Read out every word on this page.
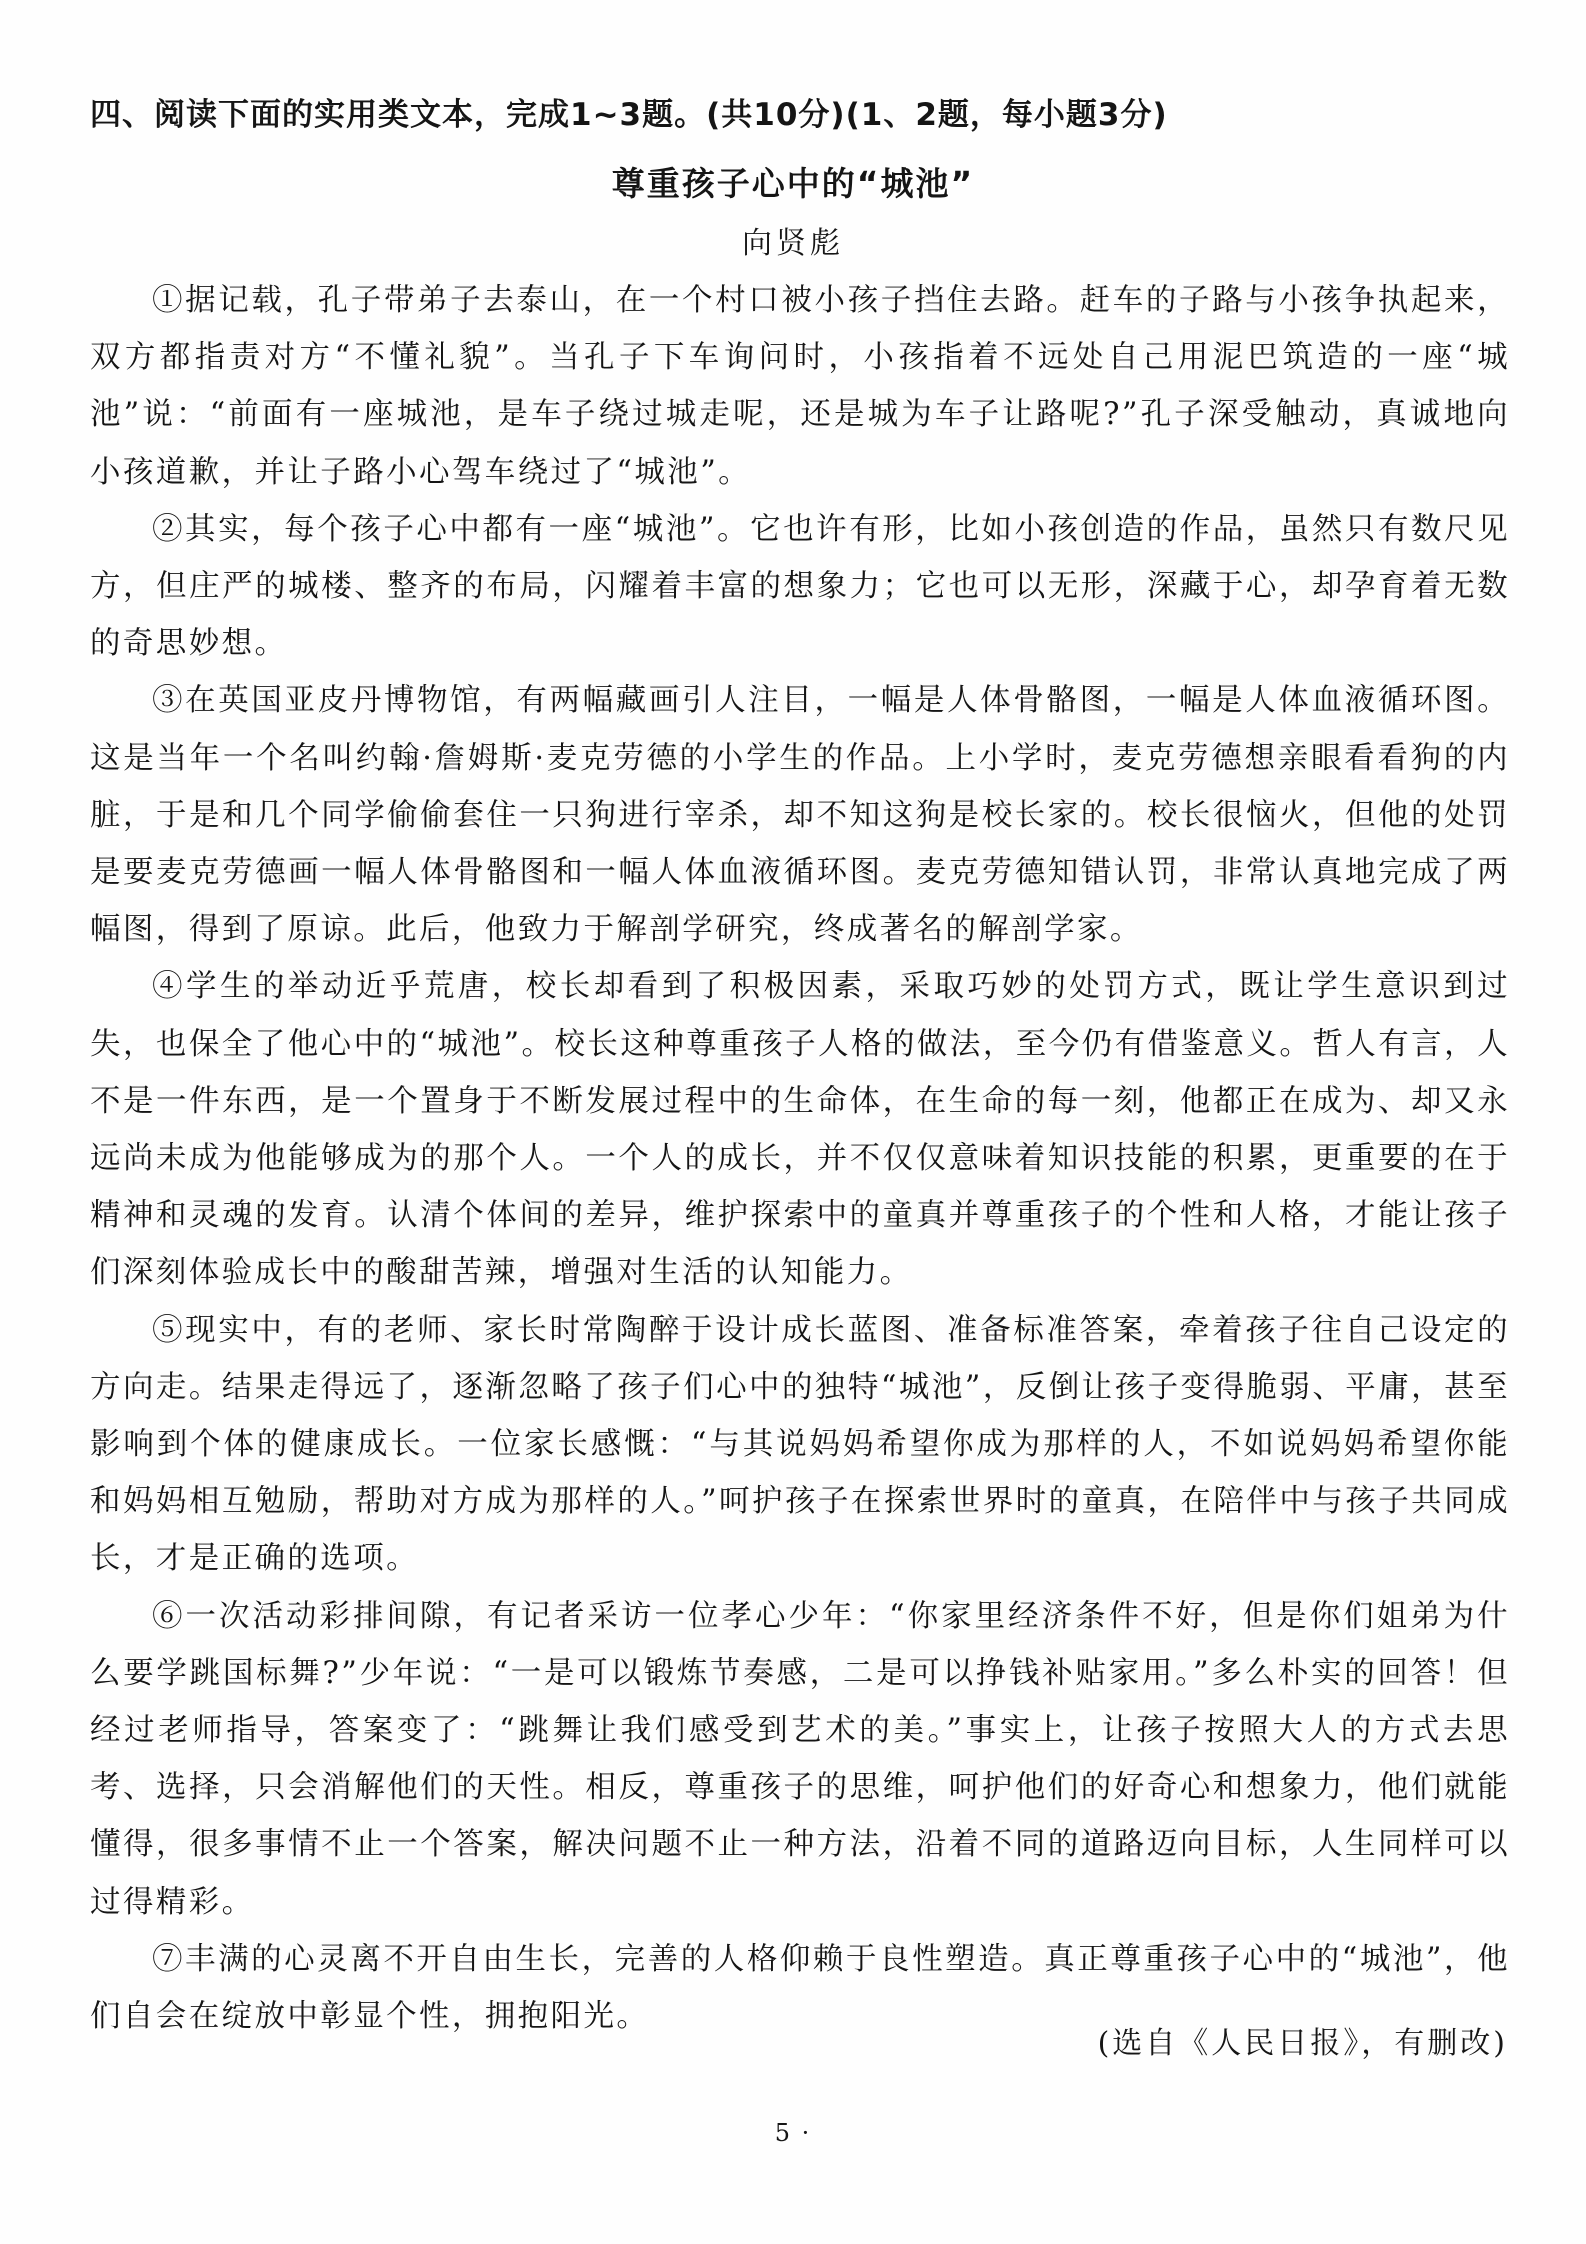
四、阅读下面的实用类文本，完成1~3题。(共10分)(1、2题，每小题3分)
尊重孩子心中的“城池”
向贤彪

①据记载，孔子带弟子去泰山，在一个村口被小孩子挡住去路。赶车的子路与小孩争执起来，双方都指责对方“不懂礼貌”。当孔子下车询问时，小孩指着不远处自己用泥巴筑造的一座“城池”说：“前面有一座城池，是车子绕过城走呢，还是城为车子让路呢?”孔子深受触动，真诚地向小孩道歉，并让子路小心驾车绕过了“城池”。

②其实，每个孩子心中都有一座“城池”。它也许有形，比如小孩创造的作品，虽然只有数尺见方，但庄严的城楼、整齐的布局，闪耀着丰富的想象力；它也可以无形，深藏于心，却孕育着无数的奇思妙想。

③在英国亚皮丹博物馆，有两幅藏画引人注目，一幅是人体骨骼图，一幅是人体血液循环图。这是当年一个名叫约翰·詹姆斯·麦克劳德的小学生的作品。上小学时，麦克劳德想亲眼看看狗的内脏，于是和几个同学偷偷套住一只狗进行宰杀，却不知这狗是校长家的。校长很恼火，但他的处罚是要麦克劳德画一幅人体骨骼图和一幅人体血液循环图。麦克劳德知错认罚，非常认真地完成了两幅图，得到了原谅。此后，他致力于解剖学研究，终成著名的解剖学家。

④学生的举动近乎荒唐，校长却看到了积极因素，采取巧妙的处罚方式，既让学生意识到过失，也保全了他心中的“城池”。校长这种尊重孩子人格的做法，至今仍有借鉴意义。哲人有言，人不是一件东西，是一个置身于不断发展过程中的生命体，在生命的每一刻，他都正在成为、却又永远尚未成为他能够成为的那个人。一个人的成长，并不仅仅意味着知识技能的积累，更重要的在于精神和灵魂的发育。认清个体间的差异，维护探索中的童真并尊重孩子的个性和人格，才能让孩子们深刻体验成长中的酸甜苦辣，增强对生活的认知能力。

⑤现实中，有的老师、家长时常陶醉于设计成长蓝图、准备标准答案，牵着孩子往自己设定的方向走。结果走得远了，逐渐忽略了孩子们心中的独特“城池”，反倒让孩子变得脆弱、平庸，甚至影响到个体的健康成长。一位家长感慨：“与其说妈妈希望你成为那样的人，不如说妈妈希望你能和妈妈相互勉励，帮助对方成为那样的人。”呵护孩子在探索世界时的童真，在陪伴中与孩子共同成长，才是正确的选项。

⑥一次活动彩排间隙，有记者采访一位孝心少年：“你家里经济条件不好，但是你们姐弟为什么要学跳国标舞?”少年说：“一是可以锻炼节奏感，二是可以挣钱补贴家用。”多么朴实的回答！但经过老师指导，答案变了：“跳舞让我们感受到艺术的美。”事实上，让孩子按照大人的方式去思考、选择，只会消解他们的天性。相反，尊重孩子的思维，呵护他们的好奇心和想象力，他们就能懂得，很多事情不止一个答案，解决问题不止一种方法，沿着不同的道路迈向目标，人生同样可以过得精彩。

⑦丰满的心灵离不开自由生长，完善的人格仰赖于良性塑造。真正尊重孩子心中的“城池”，他们自会在绽放中彰显个性，拥抱阳光。

(选自《人民日报》，有删改)
5 ·
